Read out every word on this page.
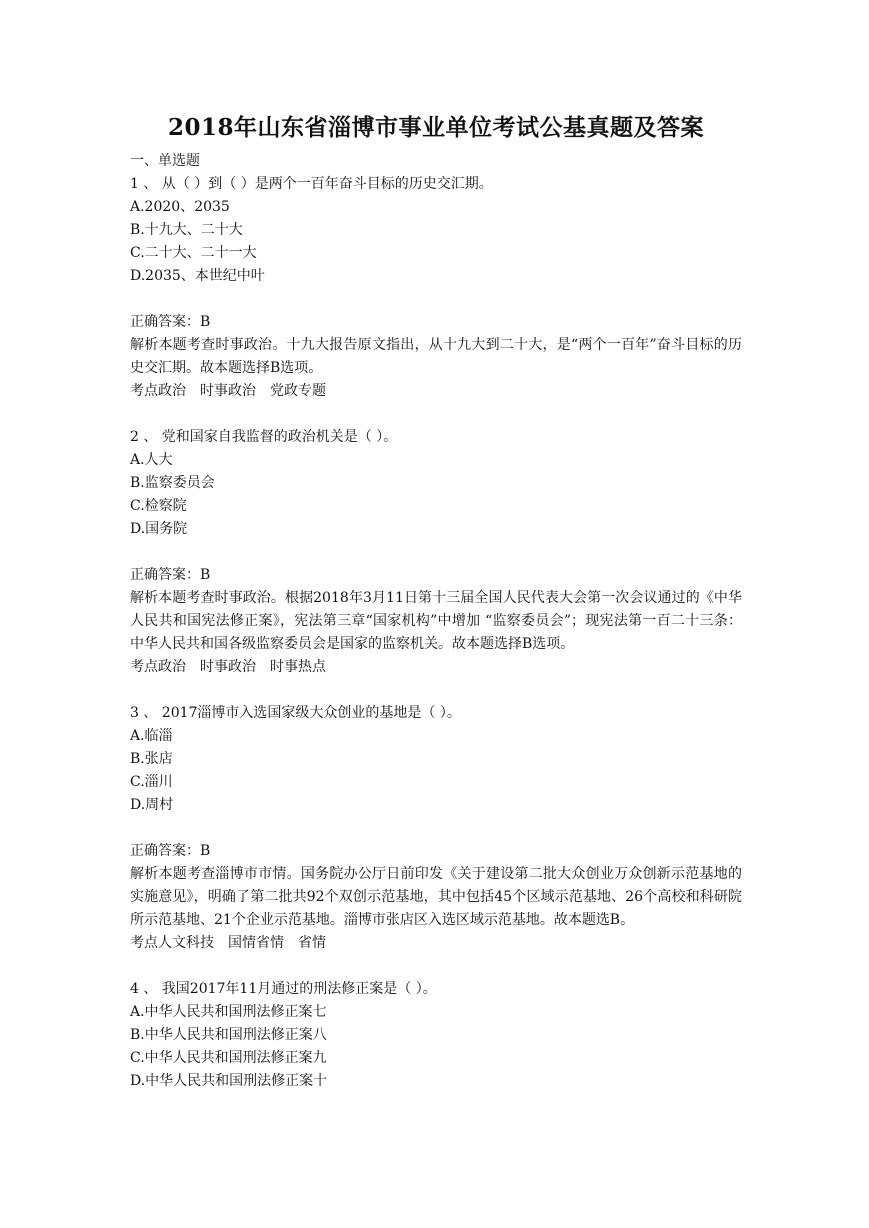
2018年山东省淄博市事业单位考试公基真题及答案
一、单选题
1 、 从（ ）到（ ）是两个一百年奋斗目标的历史交汇期。
A.2020、2035
B.十九大、二十大
C.二十大、二十一大
D.2035、本世纪中叶
正确答案：B
解析本题考查时事政治。十九大报告原文指出，从十九大到二十大，是“两个一百年”奋斗目标的历史交汇期。故本题选择B选项。
考点政治 时事政治 党政专题
2 、 党和国家自我监督的政治机关是（ ）。
A.人大
B.监察委员会
C.检察院
D.国务院
正确答案：B
解析本题考查时事政治。根据2018年3月11日第十三届全国人民代表大会第一次会议通过的《中华人民共和国宪法修正案》，宪法第三章“国家机构”中增加 “监察委员会”；现宪法第一百二十三条：中华人民共和国各级监察委员会是国家的监察机关。故本题选择B选项。
考点政治 时事政治 时事热点
3 、 2017淄博市入选国家级大众创业的基地是（ ）。
A.临淄
B.张店
C.淄川
D.周村
正确答案：B
解析本题考查淄博市市情。国务院办公厅日前印发《关于建设第二批大众创业万众创新示范基地的实施意见》，明确了第二批共92个双创示范基地，其中包括45个区域示范基地、26个高校和科研院所示范基地、21个企业示范基地。淄博市张店区入选区域示范基地。故本题选B。
考点人文科技 国情省情 省情
4 、 我国2017年11月通过的刑法修正案是（ ）。
A.中华人民共和国刑法修正案七
B.中华人民共和国刑法修正案八
C.中华人民共和国刑法修正案九
D.中华人民共和国刑法修正案十
